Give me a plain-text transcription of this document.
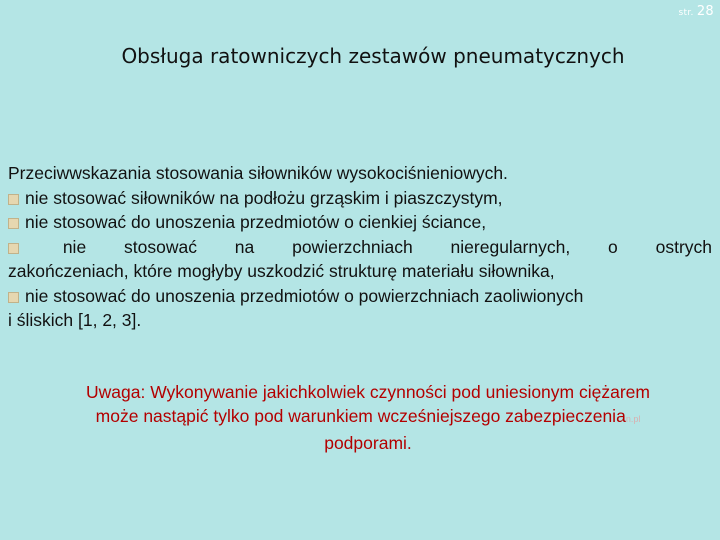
str. 28
Obsługa ratowniczych zestawów pneumatycznych
Przeciwwskazania stosowania siłowników wysokociśnieniowych.
nie stosować siłowników na podłożu grząskim i piaszczystym,
nie stosować do unoszenia przedmiotów o cienkiej ściance,
nie stosować na powierzchniach nieregularnych, o ostrych
zakończeniach, które mogłyby uszkodzić strukturę materiału siłownika,
nie stosować do unoszenia przedmiotów o powierzchniach zaoliwionych
i śliskich [1, 2, 3].
Uwaga: Wykonywanie jakichkolwiek czynności pod uniesionym ciężarem
może nastąpić tylko pod warunkiem wcześniejszego zabezpieczenian.pl
podporami.
